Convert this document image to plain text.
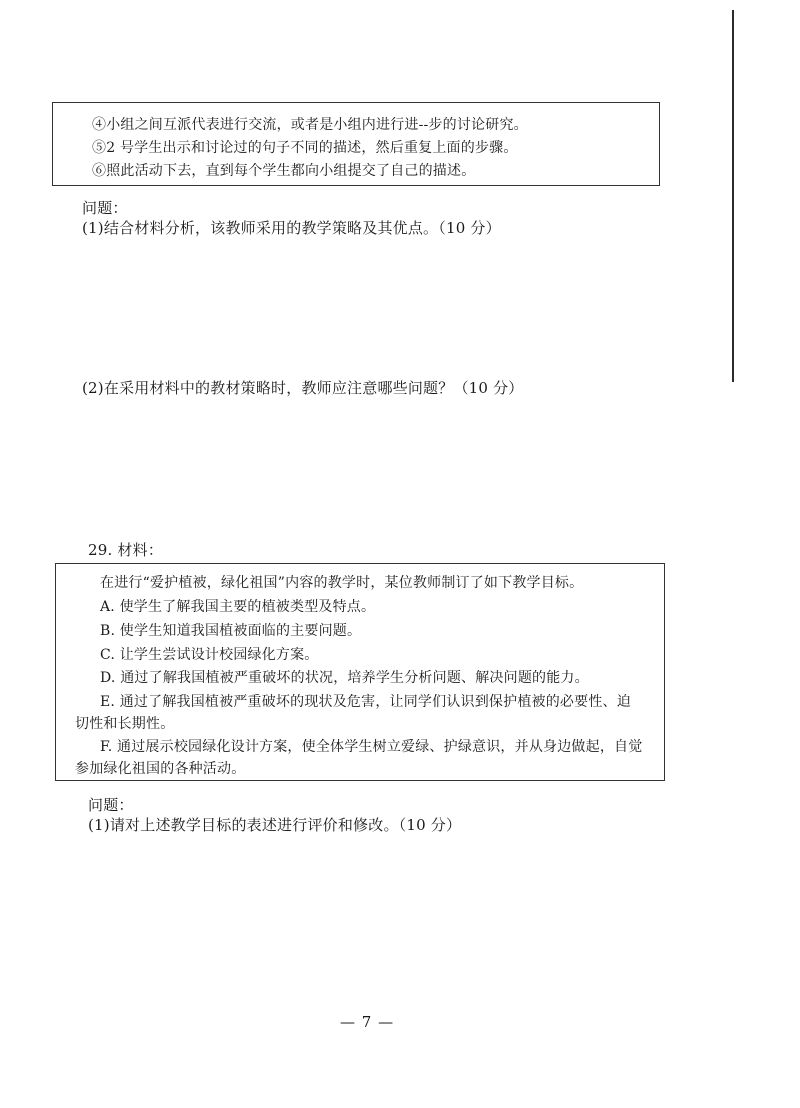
④小组之间互派代表进行交流，或者是小组内进行进--步的讨论研究。
⑤2 号学生出示和讨论过的句子不同的描述，然后重复上面的步骤。
⑥照此活动下去，直到每个学生都向小组提交了自己的描述。
问题：
(1)结合材料分析，该教师采用的教学策略及其优点。（10 分）
(2)在采用材料中的教材策略时，教师应注意哪些问题？（10 分）
29. 材料：
在进行“爱护植被，绿化祖国”内容的教学时，某位教师制订了如下教学目标。
A. 使学生了解我国主要的植被类型及特点。
B. 使学生知道我国植被面临的主要问题。
C. 让学生尝试设计校园绿化方案。
D. 通过了解我国植被严重破坏的状况，培养学生分析问题、解决问题的能力。
E. 通过了解我国植被严重破坏的现状及危害，让同学们认识到保护植被的必要性、迫
切性和长期性。
F. 通过展示校园绿化设计方案，使全体学生树立爱绿、护绿意识，并从身边做起，自觉
参加绿化祖国的各种活动。
问题：
(1)请对上述教学目标的表述进行评价和修改。（10 分）
— 7 —
